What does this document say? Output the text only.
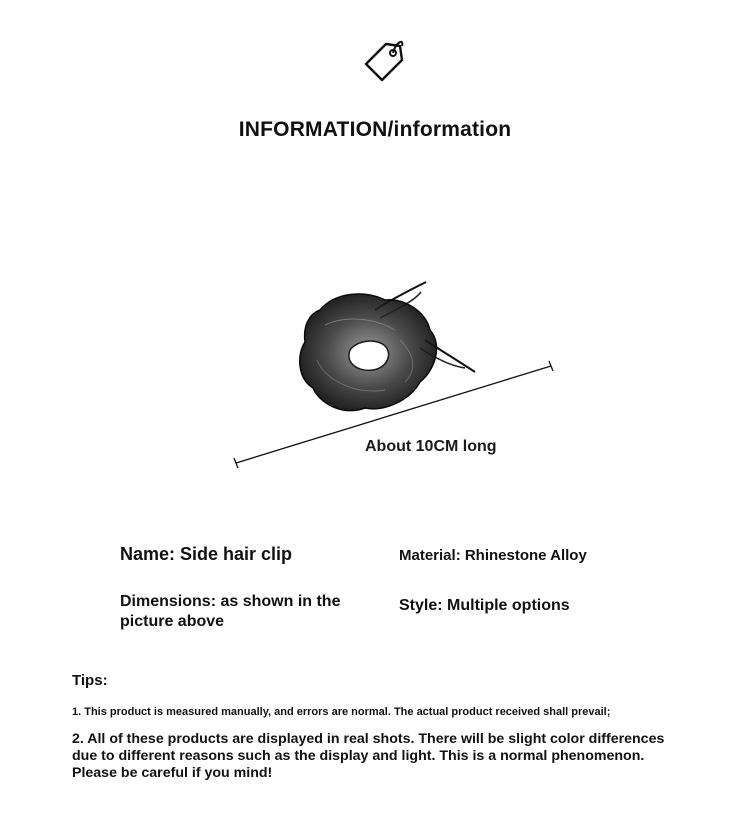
INFORMATION/information
About 10CM long
Name: Side hair clip	Material: Rhinestone Alloy
Dimensions: as shown in the picture above
Style: Multiple options
Tips:
1. This product is measured manually, and errors are normal. The actual product received shall prevail;
2. All of these products are displayed in real shots. There will be slight color differences due to different reasons such as the display and light. This is a normal phenomenon. Please be careful if you mind!
